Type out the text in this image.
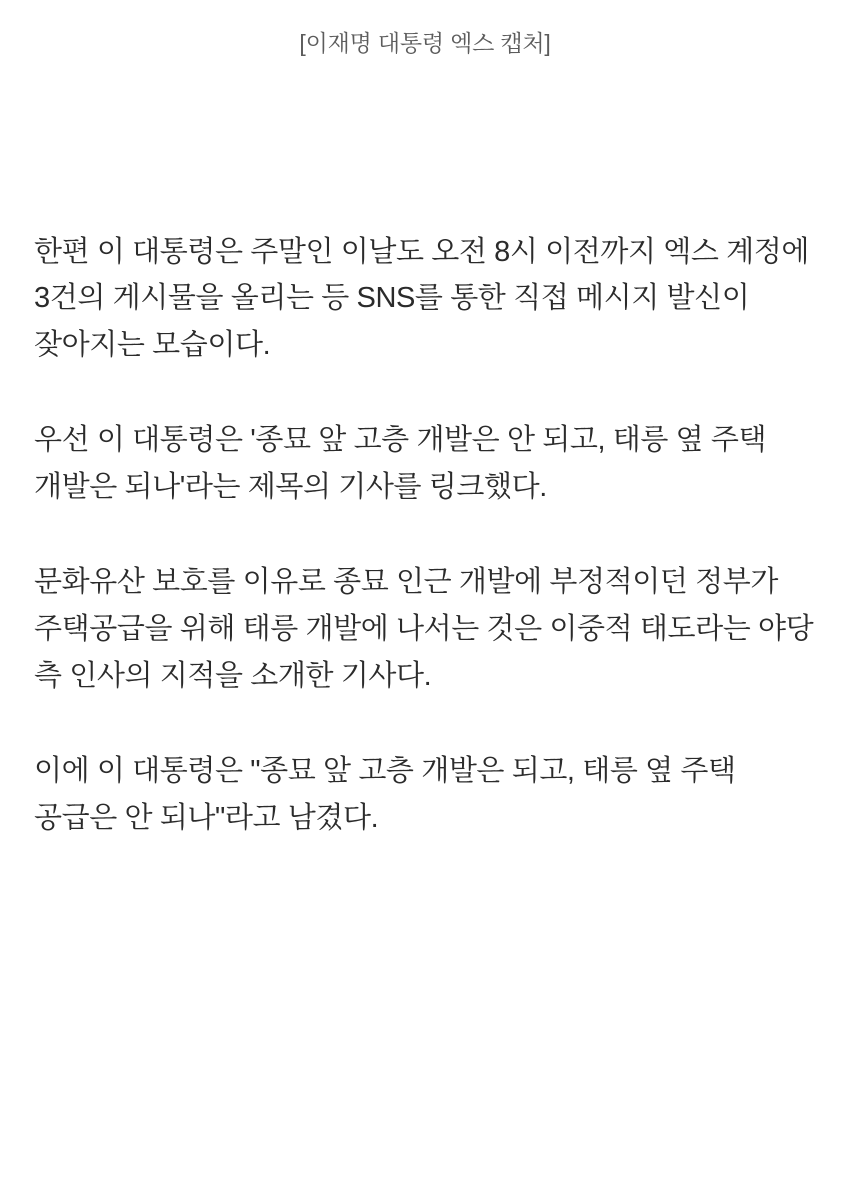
[이재명 대통령 엑스 캡처]

한편 이 대통령은 주말인 이날도 오전 8시 이전까지 엑스 계정에 3건의 게시물을 올리는 등 SNS를 통한 직접 메시지 발신이 잦아지는 모습이다.

우선 이 대통령은 '종묘 앞 고층 개발은 안 되고, 태릉 옆 주택 개발은 되나'라는 제목의 기사를 링크했다.

문화유산 보호를 이유로 종묘 인근 개발에 부정적이던 정부가 주택공급을 위해 태릉 개발에 나서는 것은 이중적 태도라는 야당 측 인사의 지적을 소개한 기사다.

이에 이 대통령은 "종묘 앞 고층 개발은 되고, 태릉 옆 주택 공급은 안 되나"라고 남겼다.
